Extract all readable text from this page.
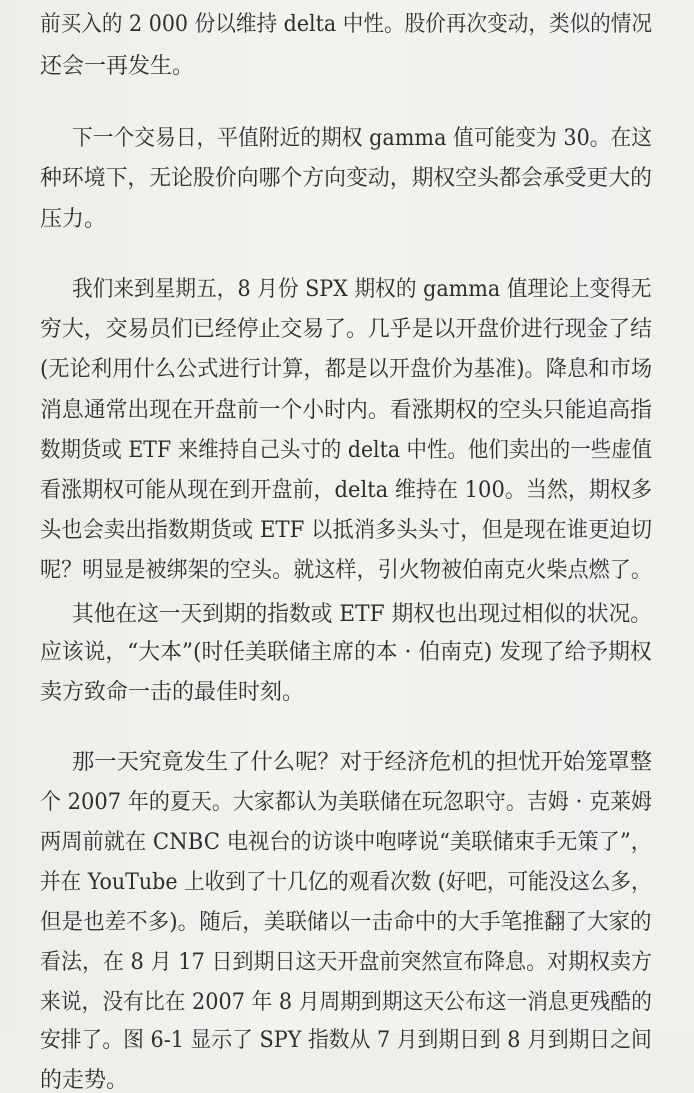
前买入的 2 000 份以维持 delta 中性。股价再次变动，类似的情况
还会一再发生。
下一个交易日，平值附近的期权 gamma 值可能变为 30。在这
种环境下，无论股价向哪个方向变动，期权空头都会承受更大的
压力。
我们来到星期五，8 月份 SPX 期权的 gamma 值理论上变得无
穷大，交易员们已经停止交易了。几乎是以开盘价进行现金了结
(无论利用什么公式进行计算，都是以开盘价为基准)。降息和市场
消息通常出现在开盘前一个小时内。看涨期权的空头只能追高指
数期货或 ETF 来维持自己头寸的 delta 中性。他们卖出的一些虚值
看涨期权可能从现在到开盘前，delta 维持在 100。当然，期权多
头也会卖出指数期货或 ETF 以抵消多头头寸，但是现在谁更迫切
呢？明显是被绑架的空头。就这样，引火物被伯南克火柴点燃了。
其他在这一天到期的指数或 ETF 期权也出现过相似的状况。
应该说，“大本”(时任美联储主席的本 · 伯南克) 发现了给予期权
卖方致命一击的最佳时刻。
那一天究竟发生了什么呢？对于经济危机的担忧开始笼罩整
个 2007 年的夏天。大家都认为美联储在玩忽职守。吉姆 · 克莱姆
两周前就在 CNBC 电视台的访谈中咆哮说“美联储束手无策了”，
并在 YouTube 上收到了十几亿的观看次数 (好吧，可能没这么多，
但是也差不多)。随后，美联储以一击命中的大手笔推翻了大家的
看法，在 8 月 17 日到期日这天开盘前突然宣布降息。对期权卖方
来说，没有比在 2007 年 8 月周期到期这天公布这一消息更残酷的
安排了。图 6-1 显示了 SPY 指数从 7 月到期日到 8 月到期日之间
的走势。
